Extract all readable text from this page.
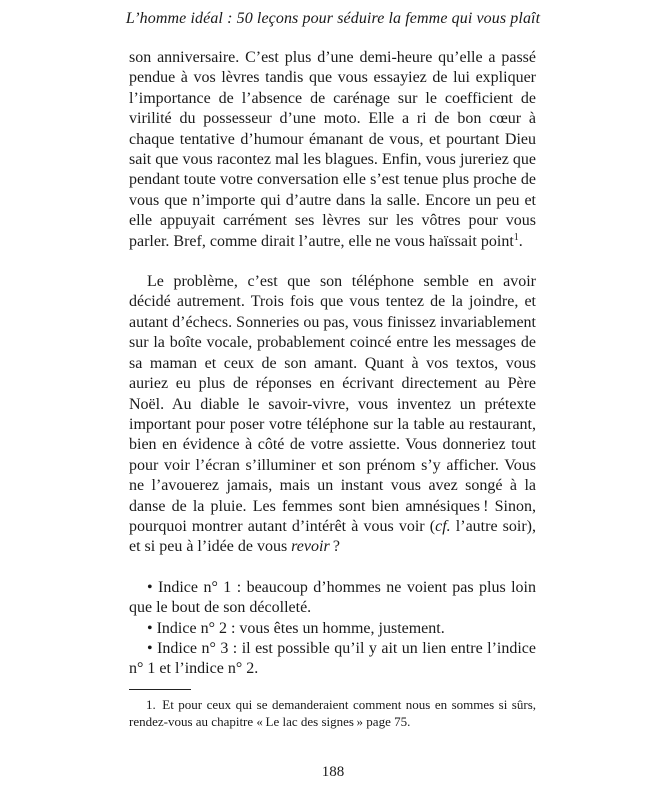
L’homme idéal : 50 leçons pour séduire la femme qui vous plaît

son anniversaire. C’est plus d’une demi-heure qu’elle a passé pendue à vos lèvres tandis que vous essayiez de lui expliquer l’importance de l’absence de carénage sur le coefficient de virilité du possesseur d’une moto. Elle a ri de bon cœur à chaque tentative d’humour émanant de vous, et pourtant Dieu sait que vous racontez mal les blagues. Enfin, vous jureriez que pendant toute votre conversation elle s’est tenue plus proche de vous que n’importe qui d’autre dans la salle. Encore un peu et elle appuyait carrément ses lèvres sur les vôtres pour vous parler. Bref, comme dirait l’autre, elle ne vous haïssait point$^1$.

Le problème, c’est que son téléphone semble en avoir décidé autrement. Trois fois que vous tentez de la joindre, et autant d’échecs. Sonneries ou pas, vous finissez invariablement sur la boîte vocale, probablement coincé entre les messages de sa maman et ceux de son amant. Quant à vos textos, vous auriez eu plus de réponses en écrivant directement au Père Noël. Au diable le savoir-vivre, vous inventez un prétexte important pour poser votre téléphone sur la table au restaurant, bien en évidence à côté de votre assiette. Vous donneriez tout pour voir l’écran s’illuminer et son prénom s’y afficher. Vous ne l’avouerez jamais, mais un instant vous avez songé à la danse de la pluie. Les femmes sont bien amnésiques ! Sinon, pourquoi montrer autant d’intérêt à vous voir (cf. l’autre soir), et si peu à l’idée de vous revoir ?

• Indice n° 1 : beaucoup d’hommes ne voient pas plus loin que le bout de son décolleté.

• Indice n° 2 : vous êtes un homme, justement.

• Indice n° 3 : il est possible qu’il y ait un lien entre l’indice n° 1 et l’indice n° 2.

1. Et pour ceux qui se demanderaient comment nous en sommes si sûrs, rendez-vous au chapitre « Le lac des signes » page 75.

188
